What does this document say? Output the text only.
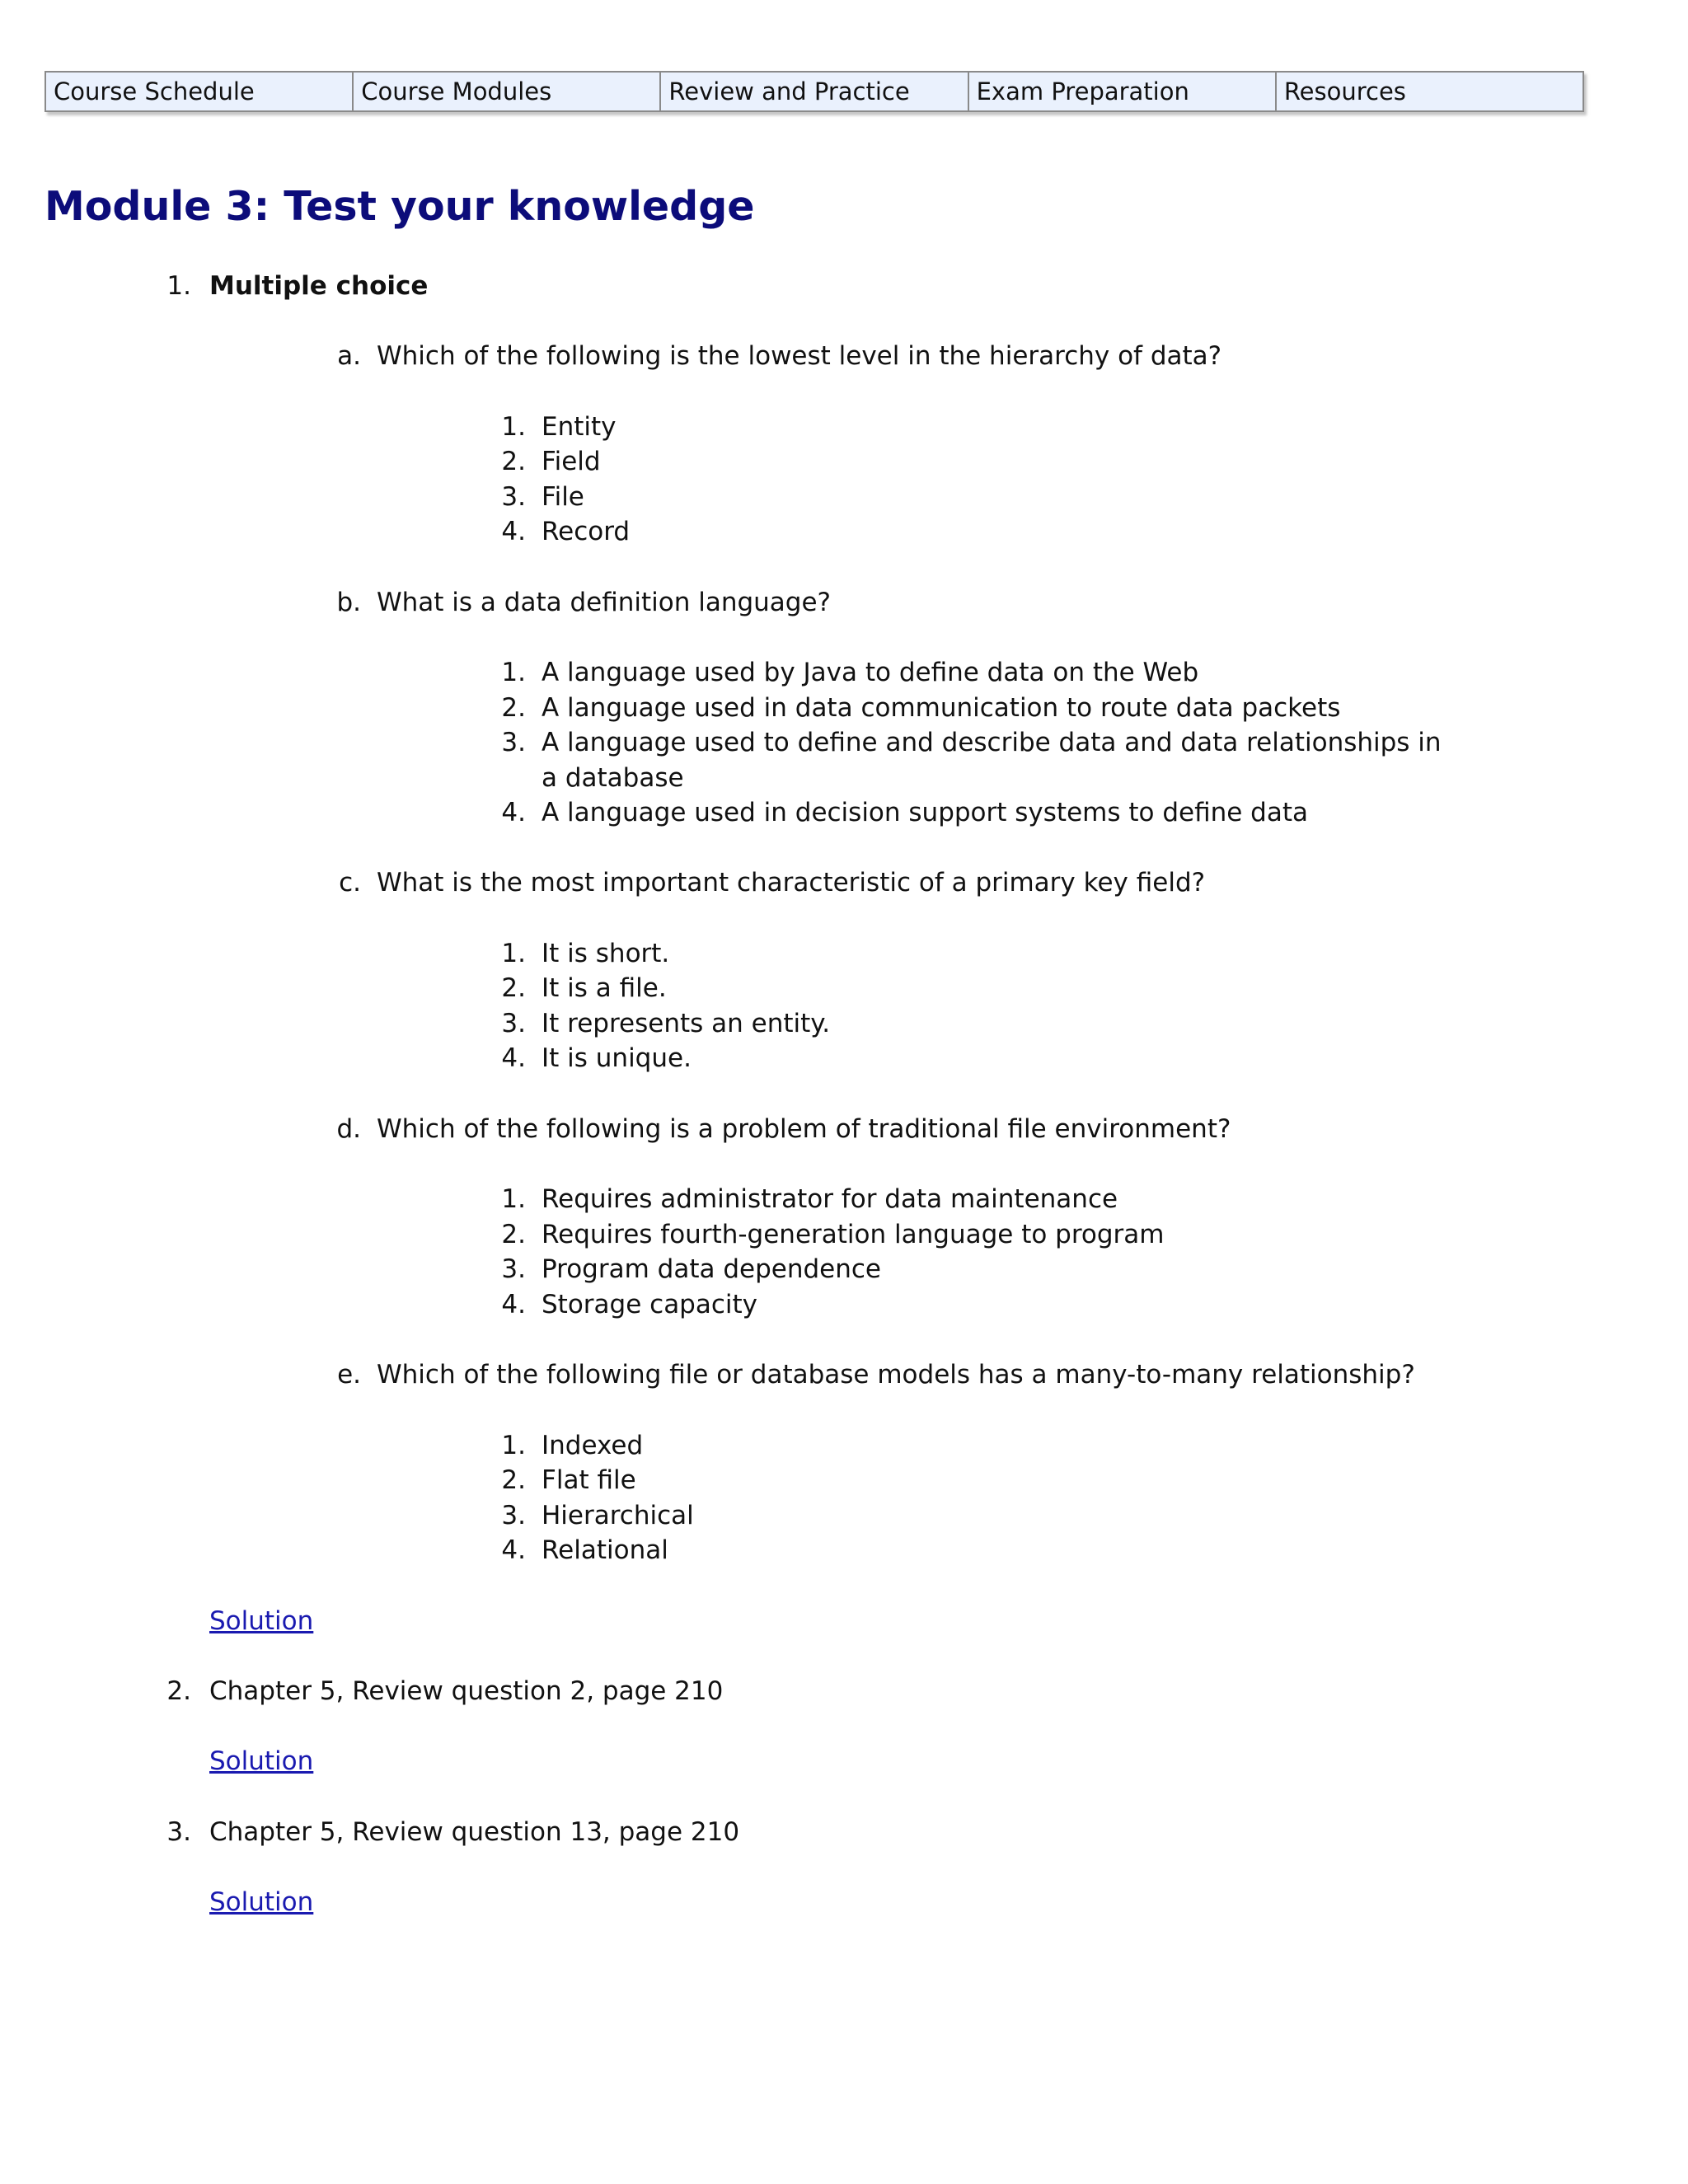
Course Schedule	Course Modules	Review and Practice	Exam Preparation	Resources
Module 3: Test your knowledge
1. Multiple choice
a. Which of the following is the lowest level in the hierarchy of data?
1. Entity
2. Field
3. File
4. Record
b. What is a data definition language?
1. A language used by Java to define data on the Web
2. A language used in data communication to route data packets
3. A language used to define and describe data and data relationships in
a database
4. A language used in decision support systems to define data
c. What is the most important characteristic of a primary key field?
1. It is short.
2. It is a file.
3. It represents an entity.
4. It is unique.
d. Which of the following is a problem of traditional file environment?
1. Requires administrator for data maintenance
2. Requires fourth-generation language to program
3. Program data dependence
4. Storage capacity
e. Which of the following file or database models has a many-to-many relationship?
1. Indexed
2. Flat file
3. Hierarchical
4. Relational
Solution
2. Chapter 5, Review question 2, page 210
Solution
3. Chapter 5, Review question 13, page 210
Solution
